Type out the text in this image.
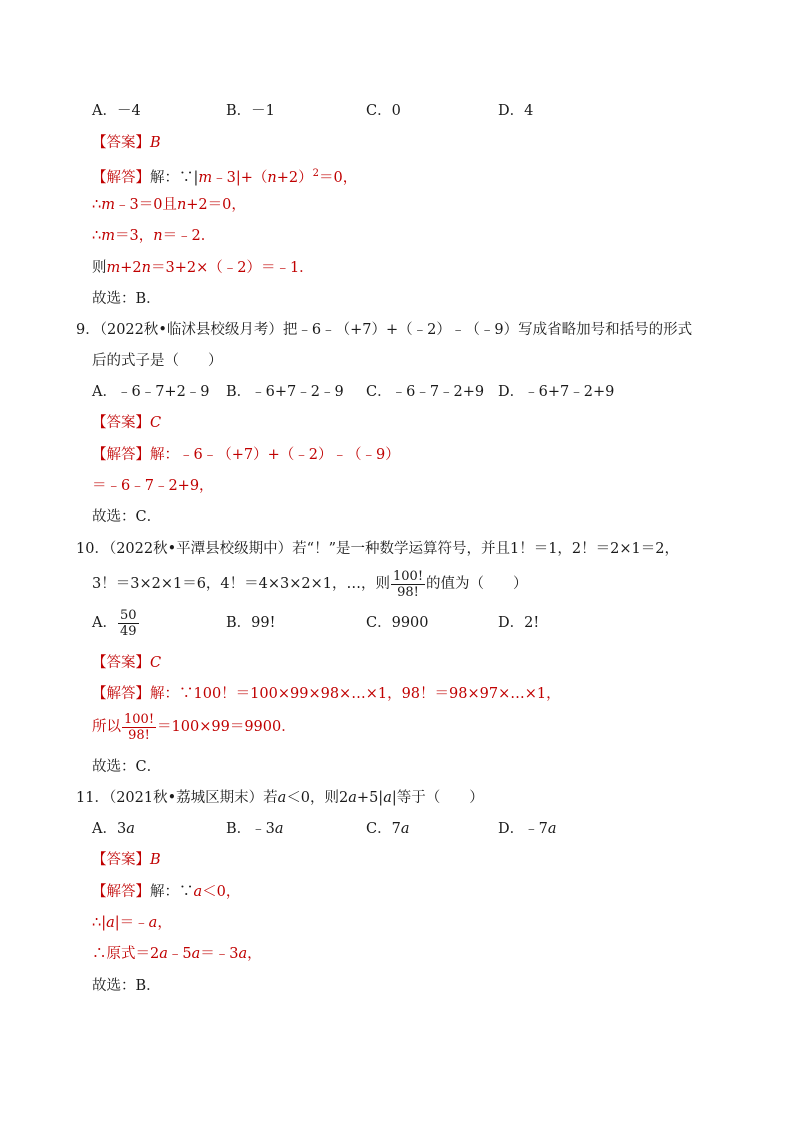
A．－4	B．－1	C．0	D．4
【答案】B
【解答】解：$\because|m﹣3|+(n+2)^2=0$，
∴m﹣3＝0且n+2＝0，
∴m＝3，n＝﹣2．
则m+2n＝3+2×（﹣2）＝﹣1．
故选：B．
9．（2022秋•临沭县校级月考）把﹣6﹣（+7）+（﹣2）﹣（﹣9）写成省略加号和括号的形式
后的式子是（　　）
A．﹣6﹣7+2﹣9 B．﹣6+7﹣2﹣9 C．﹣6﹣7﹣2+9 D．﹣6+7﹣2+9
【答案】C
【解答】解：﹣6﹣（+7）+（﹣2）﹣（﹣9）
＝﹣6﹣7﹣2+9，
故选：C．
10．（2022秋•平潭县校级期中）若“！”是一种数学运算符号，并且1！＝1，2！＝2×1＝2，
3！＝3×2×1＝6，4！＝4×3×2×1，…，则 $\frac{100!}{98!}$ 的值为（　　）
A． $\frac{50}{49}$	B．99!	C．9900	D．2!
【答案】C
【解答】解：∵100！＝100×99×98×…×1，98！＝98×97×…×1，
所以 $\frac{100!}{98!} =100\times 99=9900$．
故选：C．
11．（2021秋•荔城区期末）若a＜0，则2a+5|a|等于（　　）
A．3a	B．﹣3a	C．7a	D．﹣7a
【答案】B
【解答】解：∵a＜0，
∴|a|＝﹣a，
∴原式＝2a﹣5a＝﹣3a，
故选：B．
